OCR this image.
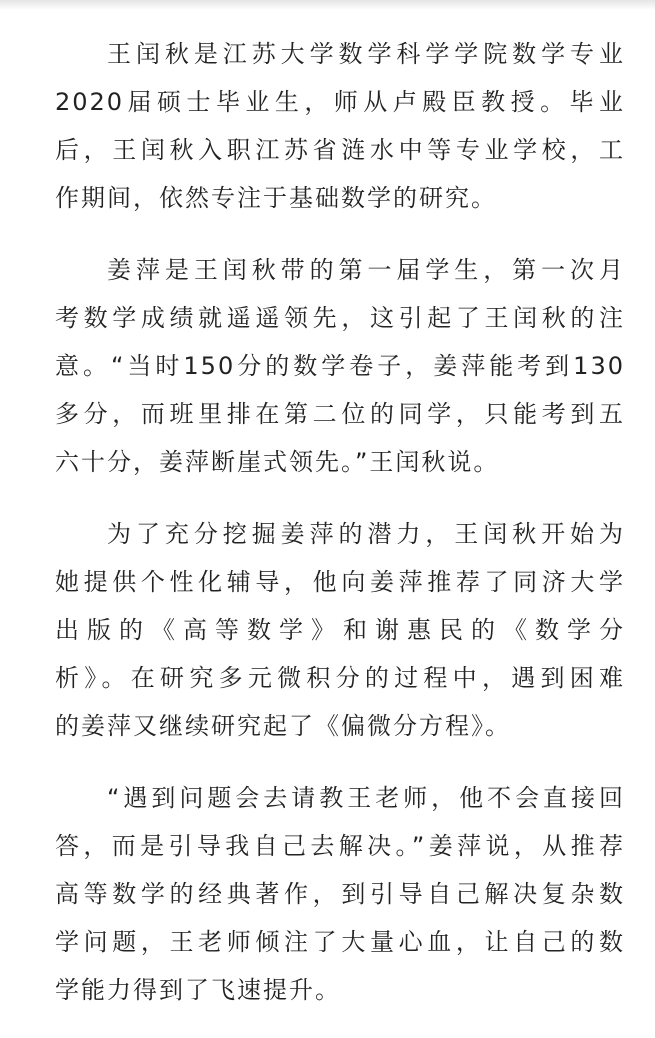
王闰秋是江苏大学数学科学学院数学专业
2020届硕士毕业生，师从卢殿臣教授。毕业
后，王闰秋入职江苏省涟水中等专业学校，工
作期间，依然专注于基础数学的研究。

姜萍是王闰秋带的第一届学生，第一次月
考数学成绩就遥遥领先，这引起了王闰秋的注
意。“当时150分的数学卷子，姜萍能考到130
多分，而班里排在第二位的同学，只能考到五
六十分，姜萍断崖式领先。”王闰秋说。

为了充分挖掘姜萍的潜力，王闰秋开始为
她提供个性化辅导，他向姜萍推荐了同济大学
出版的《高等数学》和谢惠民的《数学分
析》。在研究多元微积分的过程中，遇到困难
的姜萍又继续研究起了《偏微分方程》。

“遇到问题会去请教王老师，他不会直接回
答，而是引导我自己去解决。”姜萍说，从推荐
高等数学的经典著作，到引导自己解决复杂数
学问题，王老师倾注了大量心血，让自己的数
学能力得到了飞速提升。
